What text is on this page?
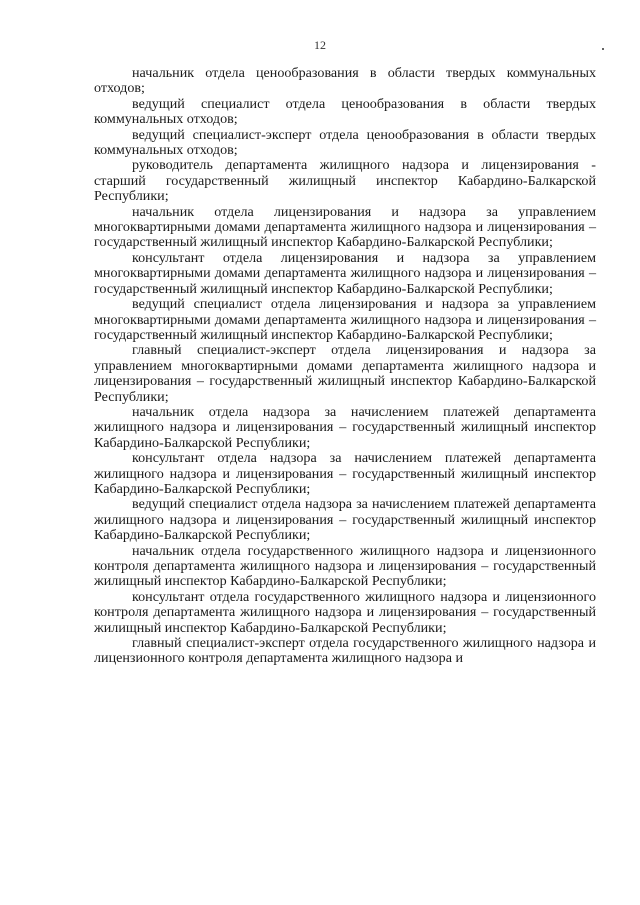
12

начальник отдела ценообразования в области твердых коммунальных отходов;

ведущий специалист отдела ценообразования в области твердых коммунальных отходов;

ведущий специалист-эксперт отдела ценообразования в области твердых коммунальных отходов;

руководитель департамента жилищного надзора и лицензирования - старший государственный жилищный инспектор Кабардино-Балкарской Республики;

начальник отдела лицензирования и надзора за управлением многоквартирными домами департамента жилищного надзора и лицензирования – государственный жилищный инспектор Кабардино-Балкарской Республики;

консультант отдела лицензирования и надзора за управлением многоквартирными домами департамента жилищного надзора и лицензирования – государственный жилищный инспектор Кабардино-Балкарской Республики;

ведущий специалист отдела лицензирования и надзора за управлением многоквартирными домами департамента жилищного надзора и лицензирования – государственный жилищный инспектор Кабардино-Балкарской Республики;

главный специалист-эксперт отдела лицензирования и надзора за управлением многоквартирными домами департамента жилищного надзора и лицензирования – государственный жилищный инспектор Кабардино-Балкарской Республики;

начальник отдела надзора за начислением платежей департамента жилищного надзора и лицензирования – государственный жилищный инспектор Кабардино-Балкарской Республики;

консультант отдела надзора за начислением платежей департамента жилищного надзора и лицензирования – государственный жилищный инспектор Кабардино-Балкарской Республики;

ведущий специалист отдела надзора за начислением платежей департамента жилищного надзора и лицензирования – государственный жилищный инспектор Кабардино-Балкарской Республики;

начальник отдела государственного жилищного надзора и лицензионного контроля департамента жилищного надзора и лицензирования – государственный жилищный инспектор Кабардино-Балкарской Республики;

консультант отдела государственного жилищного надзора и лицензионного контроля департамента жилищного надзора и лицензирования – государственный жилищный инспектор Кабардино-Балкарской Республики;

главный специалист-эксперт отдела государственного жилищного надзора и лицензионного контроля департамента жилищного надзора и
